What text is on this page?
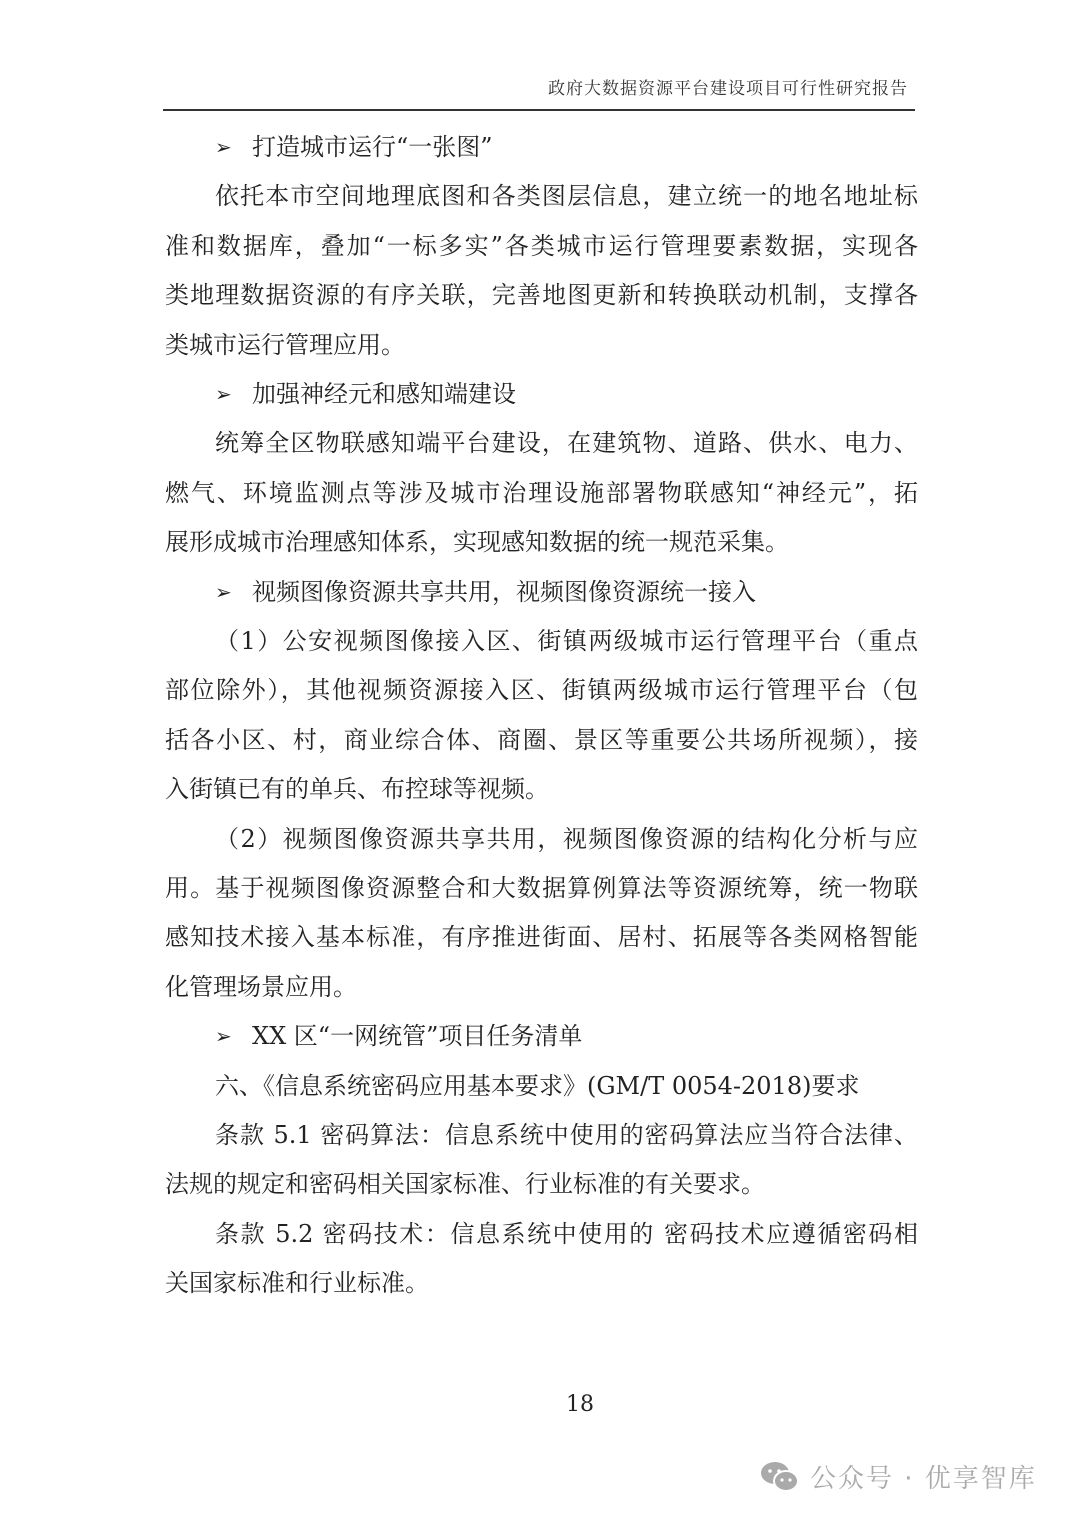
政府大数据资源平台建设项目可行性研究报告
➢ 打造城市运行“一张图”
依托本市空间地理底图和各类图层信息，建立统一的地名地址标
准和数据库，叠加“一标多实”各类城市运行管理要素数据，实现各
类地理数据资源的有序关联，完善地图更新和转换联动机制，支撑各
类城市运行管理应用。
➢ 加强神经元和感知端建设
统筹全区物联感知端平台建设，在建筑物、道路、供水、电力、
燃气、环境监测点等涉及城市治理设施部署物联感知“神经元”，拓
展形成城市治理感知体系，实现感知数据的统一规范采集。
➢ 视频图像资源共享共用，视频图像资源统一接入
（1）公安视频图像接入区、街镇两级城市运行管理平台（重点
部位除外），其他视频资源接入区、街镇两级城市运行管理平台（包
括各小区、村，商业综合体、商圈、景区等重要公共场所视频），接
入街镇已有的单兵、布控球等视频。
（2）视频图像资源共享共用，视频图像资源的结构化分析与应
用。基于视频图像资源整合和大数据算例算法等资源统筹，统一物联
感知技术接入基本标准，有序推进街面、居村、拓展等各类网格智能
化管理场景应用。
➢ XX 区“一网统管”项目任务清单
六、《信息系统密码应用基本要求》(GM/T 0054-2018)要求
条款 5.1 密码算法：信息系统中使用的密码算法应当符合法律、
法规的规定和密码相关国家标准、行业标准的有关要求。
条款 5.2 密码技术：信息系统中使用的 密码技术应遵循密码相
关国家标准和行业标准。
18
公众号 · 优享智库
